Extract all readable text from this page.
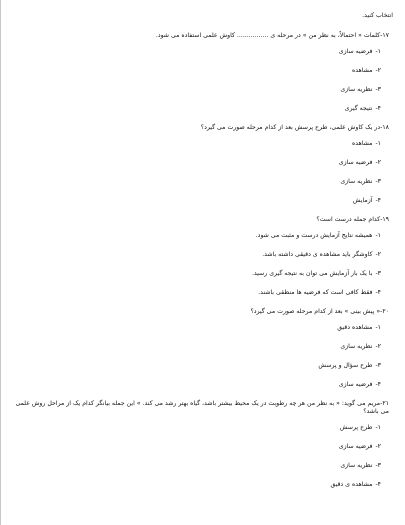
انتخاب کنید.
۱۷-کلمات « احتمالاً، به نظر من » در مرحله ی ................ کاوش علمی استفاده می شود.
۱-فرضیه سازی
۲-مشاهده
۳-نظریه سازی
۴-نتیجه گیری
۱۸-در یک کاوش علمی، طرح پرسش بعد از کدام مرحله صورت می گیرد؟
۱-مشاهده
۲-فرضیه سازی
۳-نظریه سازی
۴-آزمایش
۱۹-کدام جمله درست است؟
۱-همیشه نتایج آزمایش درست و مثبت می شود.
۲-کاوشگر باید مشاهده ی دقیقی داشته باشد.
۳-با یک بار آزمایش می توان به نتیجه گیری رسید.
۴-فقط کافی است که فرضیه ها منطقی باشند.
۲۰-« پیش بینی » بعد از کدام مرحله صورت می گیرد؟
۱-مشاهده دقیق
۲-نظریه سازی
۳-طرح سؤال و پرسش
۴-فرضیه سازی
۲۱-مریم می گوید: « به نظر من هر چه رطوبت در یک محیط بیشتر باشد، گیاه بهتر رشد می کند. » این جمله بیانگر کدام یک از مراحل روش علمی می باشد؟
۱-طرح پرسش
۲-فرضیه سازی
۳-نظریه سازی
۴-مشاهده ی دقیق
